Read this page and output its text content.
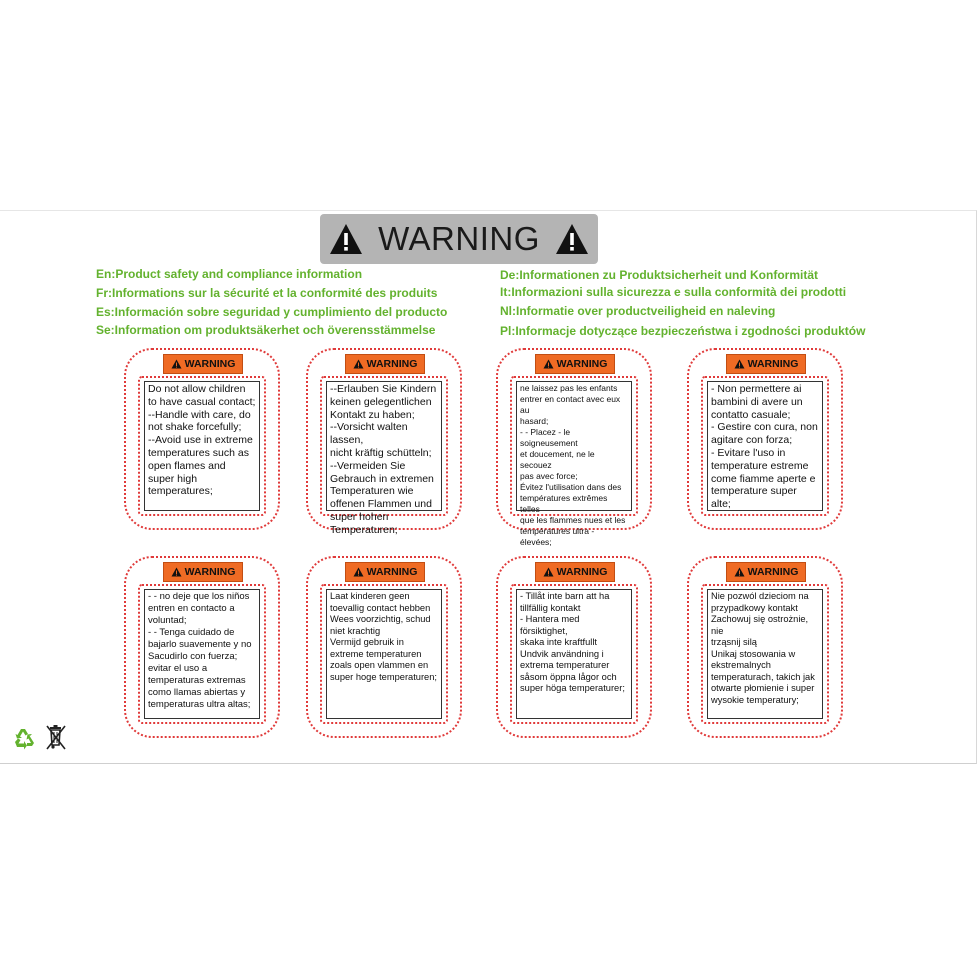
WARNING
En:Product safety and compliance information
Fr:Informations sur la sécurité et la conformité des produits
Es:Información sobre seguridad y cumplimiento del producto
Se:Information om produktsäkerhet och överensstämmelse
De:Informationen zu Produktsicherheit und Konformität
It:Informazioni sulla sicurezza e sulla conformità dei prodotti
Nl:Informatie over productveiligheid en naleving
Pl:Informacje dotyczące bezpieczeństwa i zgodności produktów
WARNING
Do not allow children
to have casual contact;
--Handle with care, do
not shake forcefully;
--Avoid use in extreme
temperatures such as
open flames and
super high
temperatures;
WARNING
--Erlauben Sie Kindern
keinen gelegentlichen
Kontakt zu haben;
--Vorsicht walten lassen,
nicht kräftig schütteln;
--Vermeiden Sie
Gebrauch in extremen
Temperaturen wie
offenen Flammen und
super hohen
Temperaturen;
WARNING
ne laissez pas les enfants
entrer en contact avec eux au
hasard;
- - Placez - le soigneusement
et doucement, ne le secouez
pas avec force;
Évitez l'utilisation dans des
températures extrêmes telles
que les flammes nues et les
températures ultra - élevées;
WARNING
- Non permettere ai
bambini di avere un
contatto casuale;
- Gestire con cura, non
agitare con forza;
- Evitare l'uso in
temperature estreme
come fiamme aperte e
temperature super alte;
WARNING
- - no deje que los niños
entren en contacto a
voluntad;
- - Tenga cuidado de
bajarlo suavemente y no
Sacudirlo con fuerza;
evitar el uso a
temperaturas extremas
como llamas abiertas y
temperaturas ultra altas;
WARNING
Laat kinderen geen
toevallig contact hebben
Wees voorzichtig, schud
niet krachtig
Vermijd gebruik in
extreme temperaturen
zoals open vlammen en
super hoge temperaturen;
WARNING
- Tillåt inte barn att ha
tillfällig kontakt
- Hantera med försiktighet,
skaka inte kraftfullt
Undvik användning i
extrema temperaturer
såsom öppna lågor och
super höga temperaturer;
WARNING
Nie pozwól dzieciom na
przypadkowy kontakt
Zachowuj się ostrożnie, nie
trząsnij silą
Unikaj stosowania w
ekstremalnych
temperaturach, takich jak
otwarte płomienie i super
wysokie temperatury;
